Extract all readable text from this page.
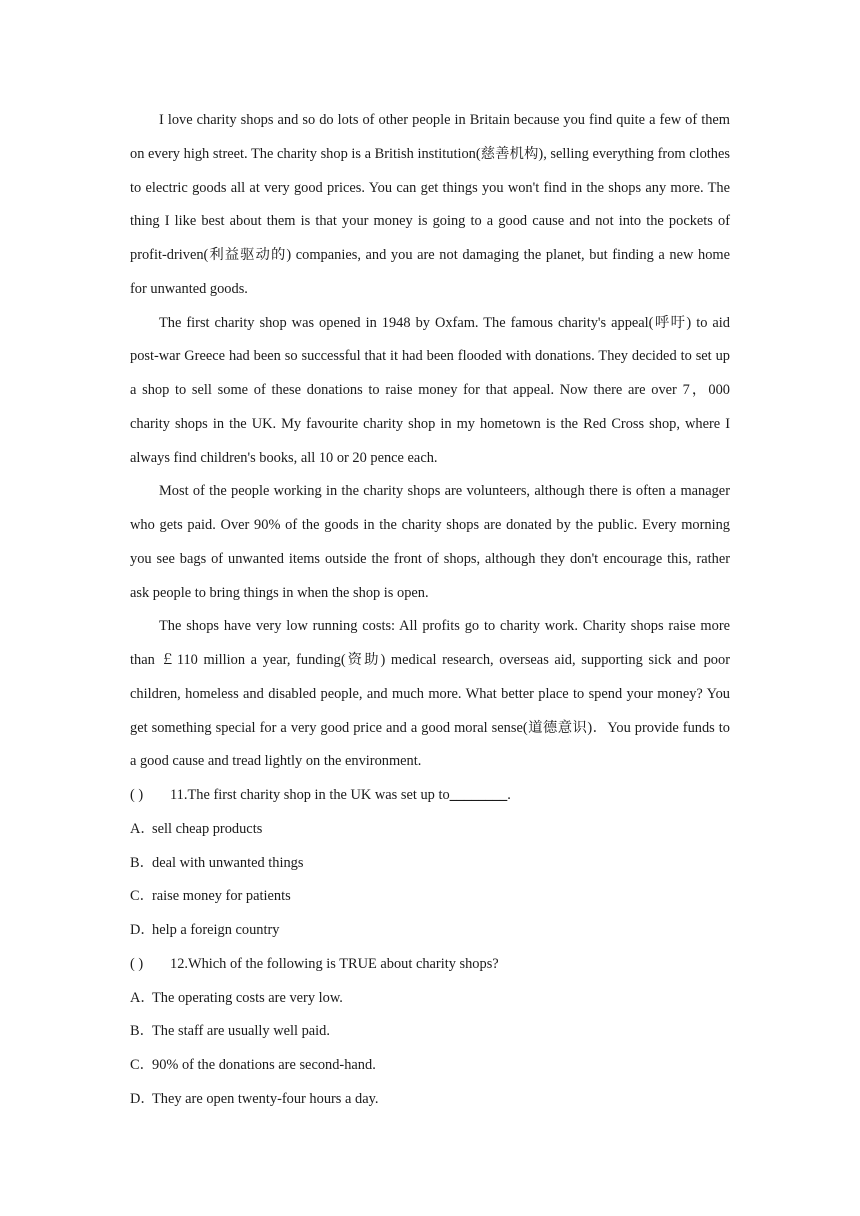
I love charity shops and so do lots of other people in Britain because you find quite a few of them on every high street. The charity shop is a British institution(慈善机构), selling everything from clothes to electric goods all at very good prices. You can get things you won't find in the shops any more. The thing I like best about them is that your money is going to a good cause and not into the pockets of profit-driven(利益驱动的) companies, and you are not damaging the planet, but finding a new home for unwanted goods.

The first charity shop was opened in 1948 by Oxfam. The famous charity's appeal(呼吁) to aid post-war Greece had been so successful that it had been flooded with donations. They decided to set up a shop to sell some of these donations to raise money for that appeal. Now there are over 7，000 charity shops in the UK. My favourite charity shop in my hometown is the Red Cross shop, where I always find children's books, all 10 or 20 pence each.

Most of the people working in the charity shops are volunteers, although there is often a manager who gets paid. Over 90% of the goods in the charity shops are donated by the public. Every morning you see bags of unwanted items outside the front of shops, although they don't encourage this, rather ask people to bring things in when the shop is open.

The shops have very low running costs: All profits go to charity work. Charity shops raise more than ￡110 million a year, funding(资助) medical research, overseas aid, supporting sick and poor children, homeless and disabled people, and much more. What better place to spend your money? You get something special for a very good price and a good moral sense(道德意识)．You provide funds to a good cause and tread lightly on the environment.

( ) 11.The first charity shop in the UK was set up to________.

A．sell cheap products

B．deal with unwanted things

C．raise money for patients

D．help a foreign country

( ) 12.Which of the following is TRUE about charity shops?

A．The operating costs are very low.

B．The staff are usually well paid.

C．90% of the donations are second-hand.

D．They are open twenty-four hours a day.
